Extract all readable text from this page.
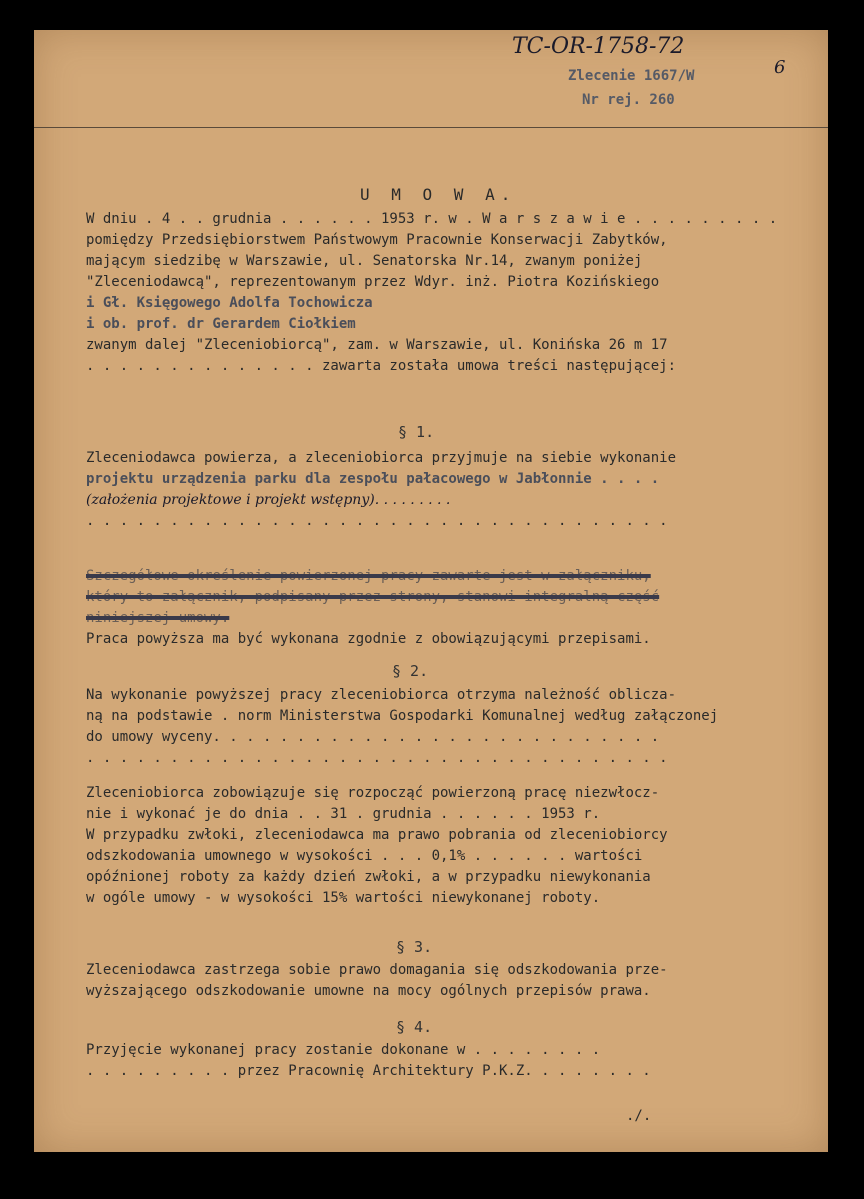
TC-OR-1758-72
6
Zlecenie 1667/W
Nr rej. 260
U M O W A.
W dniu . 4 . . grudnia . . . . . . 1953 r. w . W a r s z a w i e . . . . . . . . .
pomiędzy Przedsiębiorstwem Państwowym Pracownie Konserwacji Zabytków,
mającym siedzibę w Warszawie, ul. Senatorska Nr.14, zwanym poniżej
"Zleceniodawcą", reprezentowanym przez Wdyr. inż. Piotra Kozińskiego
i Gł. Księgowego Adolfa Tochowicza
i ob. prof. dr Gerardem Ciołkiem
zwanym dalej "Zleceniobiorcą", zam. w Warszawie, ul. Konińska 26 m 17
. . . . . . . . . . . . . . zawarta została umowa treści następującej:
§ 1.
Zleceniodawca powierza, a zleceniobiorca przyjmuje na siebie wykonanie
projektu urządzenia parku dla zespołu pałacowego w Jabłonnie . . . .
(założenia projektowe i projekt wstępny). . . . . . . . .
. . . . . . . . . . . . . . . . . . . . . . . . . . . . . . . . . . .
Szczegółowe określenie powierzonej pracy zawarte jest w załączniku,
który to załącznik, podpisany przez strony, stanowi integralną część
niniejszej umowy.
Praca powyższa ma być wykonana zgodnie z obowiązującymi przepisami.
§ 2.
Na wykonanie powyższej pracy zleceniobiorca otrzyma należność oblicza-
ną na podstawie . norm Ministerstwa Gospodarki Komunalnej według załączonej
do umowy wyceny. . . . . . . . . . . . . . . . . . . . . . . . . . .
. . . . . . . . . . . . . . . . . . . . . . . . . . . . . . . . . . .
Zleceniobiorca zobowiązuje się rozpocząć powierzoną pracę niezwłocz-
nie i wykonać je do dnia . . 31 . grudnia . . . . . . 1953 r.
W przypadku zwłoki, zleceniodawca ma prawo pobrania od zleceniobiorcy
odszkodowania umownego w wysokości . . . 0,1% . . . . . . wartości
opóźnionej roboty za każdy dzień zwłoki, a w przypadku niewykonania
w ogóle umowy - w wysokości 15% wartości niewykonanej roboty.
§ 3.
Zleceniodawca zastrzega sobie prawo domagania się odszkodowania prze-
wyższającego odszkodowanie umowne na mocy ogólnych przepisów prawa.
§ 4.
Przyjęcie wykonanej pracy zostanie dokonane w . . . . . . . .
. . . . . . . . . przez Pracownię Architektury P.K.Z. . . . . . . .
./.
